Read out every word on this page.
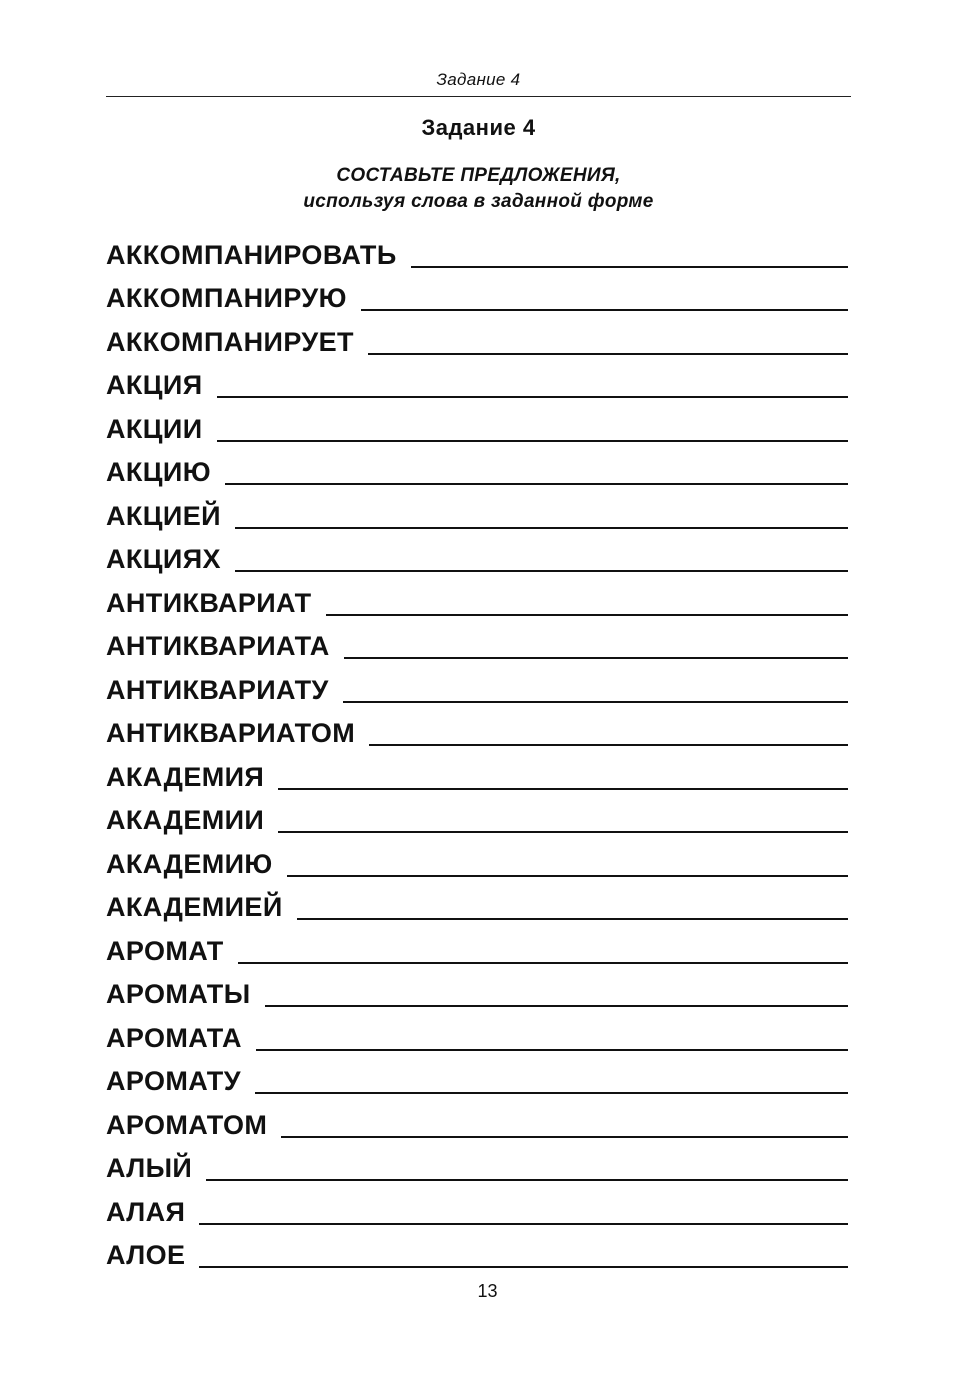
Задание 4
Задание 4
СОСТАВЬТЕ ПРЕДЛОЖЕНИЯ,
используя слова в заданной форме
АККОМПАНИРОВАТЬ
АККОМПАНИРУЮ
АККОМПАНИРУЕТ
АКЦИЯ
АКЦИИ
АКЦИЮ
АКЦИЕЙ
АКЦИЯХ
АНТИКВАРИАТ
АНТИКВАРИАТА
АНТИКВАРИАТУ
АНТИКВАРИАТОМ
АКАДЕМИЯ
АКАДЕМИИ
АКАДЕМИЮ
АКАДЕМИЕЙ
АРОМАТ
АРОМАТЫ
АРОМАТА
АРОМАТУ
АРОМАТОМ
АЛЫЙ
АЛАЯ
АЛОЕ
13
